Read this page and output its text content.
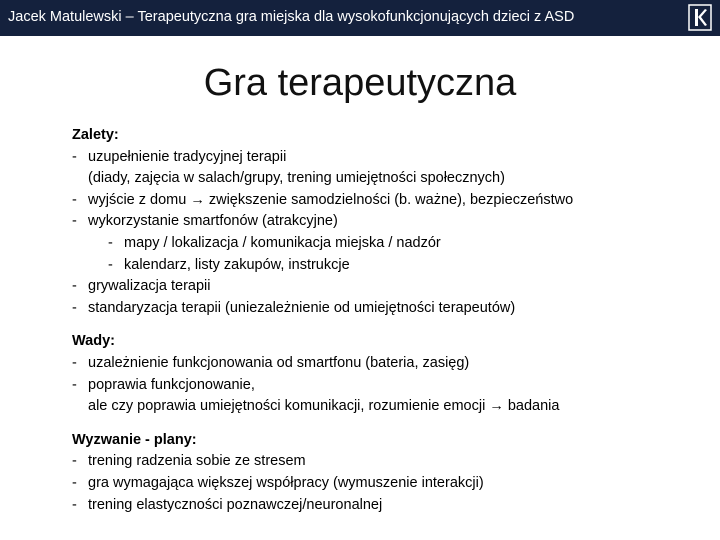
Jacek Matulewski – Terapeutyczna gra miejska dla wysokofunkcjonujących dzieci z ASD
Gra terapeutyczna
Zalety:
- uzupełnienie tradycyjnej terapii
(diady, zajęcia w salach/grupy, trening umiejętności społecznych)
- wyjście z domu → zwiększenie samodzielności (b. ważne), bezpieczeństwo
- wykorzystanie smartfonów (atrakcyjne)
- mapy / lokalizacja / komunikacja miejska / nadzór
- kalendarz, listy zakupów, instrukcje
- grywalizacja terapii
- standaryzacja terapii (uniezależnienie od umiejętności terapeutów)
Wady:
- uzależnienie funkcjonowania od smartfonu (bateria, zasięg)
- poprawia funkcjonowanie,
ale czy poprawia umiejętności komunikacji, rozumienie emocji → badania
Wyzwanie - plany:
- trening radzenia sobie ze stresem
- gra wymagająca większej współpracy (wymuszenie interakcji)
- trening elastyczności poznawczej/neuronalnej
